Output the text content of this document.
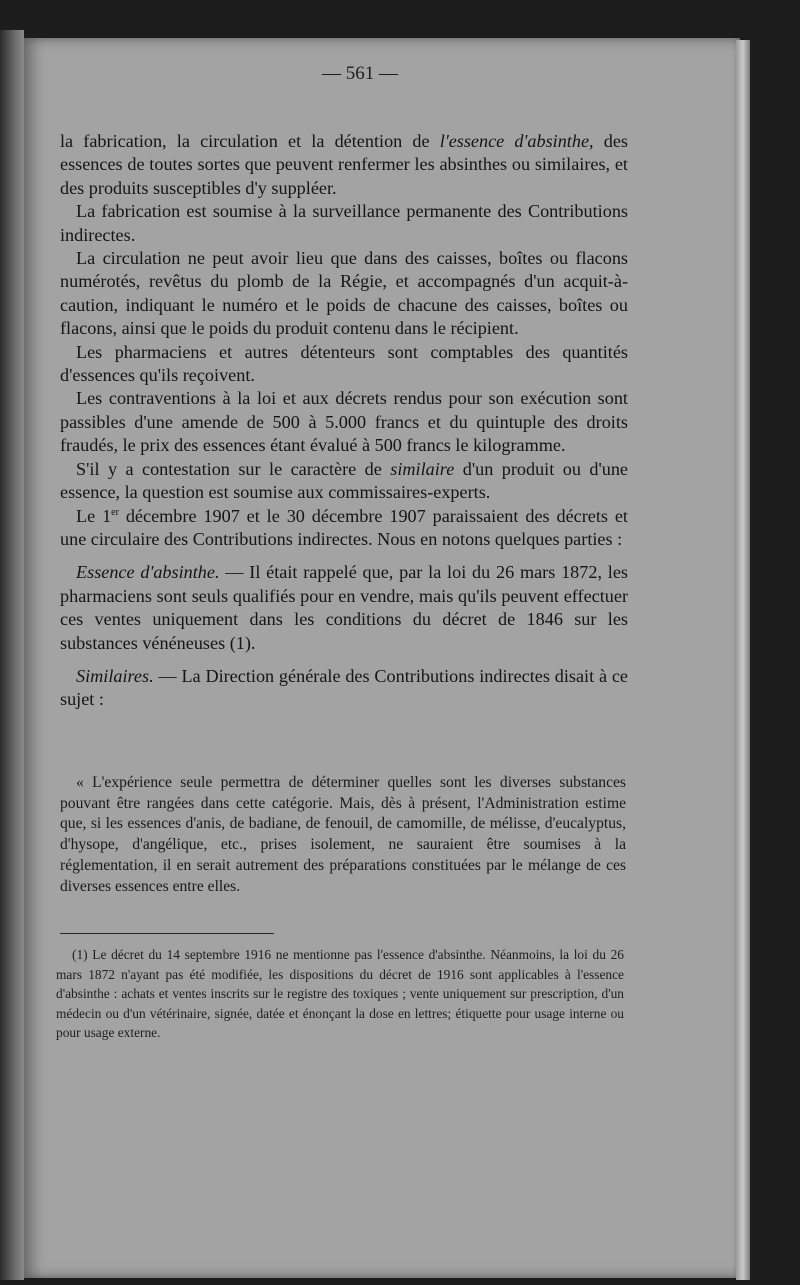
— 561 —

la fabrication, la circulation et la détention de l'essence d'absinthe, des essences de toutes sortes que peuvent renfermer les absinthes ou similaires, et des produits susceptibles d'y suppléer.

La fabrication est soumise à la surveillance permanente des Contributions indirectes.

La circulation ne peut avoir lieu que dans des caisses, boîtes ou flacons numérotés, revêtus du plomb de la Régie, et accompagnés d'un acquit-à-caution, indiquant le numéro et le poids de chacune des caisses, boîtes ou flacons, ainsi que le poids du produit contenu dans le récipient.

Les pharmaciens et autres détenteurs sont comptables des quantités d'essences qu'ils reçoivent.

Les contraventions à la loi et aux décrets rendus pour son exécution sont passibles d'une amende de 500 à 5.000 francs et du quintuple des droits fraudés, le prix des essences étant évalué à 500 francs le kilogramme.

S'il y a contestation sur le caractère de similaire d'un produit ou d'une essence, la question est soumise aux commissaires-experts.

Le 1er décembre 1907 et le 30 décembre 1907 paraissaient des décrets et une circulaire des Contributions indirectes. Nous en notons quelques parties :

Essence d'absinthe. — Il était rappelé que, par la loi du 26 mars 1872, les pharmaciens sont seuls qualifiés pour en vendre, mais qu'ils peuvent effectuer ces ventes uniquement dans les conditions du décret de 1846 sur les substances vénéneuses (1).

Similaires. — La Direction générale des Contributions indirectes disait à ce sujet :

« L'expérience seule permettra de déterminer quelles sont les diverses substances pouvant être rangées dans cette catégorie. Mais, dès à présent, l'Administration estime que, si les essences d'anis, de badiane, de fenouil, de camomille, de mélisse, d'eucalyptus, d'hysope, d'angélique, etc., prises isolement, ne sauraient être soumises à la réglementation, il en serait autrement des préparations constituées par le mélange de ces diverses essences entre elles.

(1) Le décret du 14 septembre 1916 ne mentionne pas l'essence d'absinthe. Néanmoins, la loi du 26 mars 1872 n'ayant pas été modifiée, les dispositions du décret de 1916 sont applicables à l'essence d'absinthe : achats et ventes inscrits sur le registre des toxiques ; vente uniquement sur prescription, d'un médecin ou d'un vétérinaire, signée, datée et énonçant la dose en lettres; étiquette pour usage interne ou pour usage externe.
